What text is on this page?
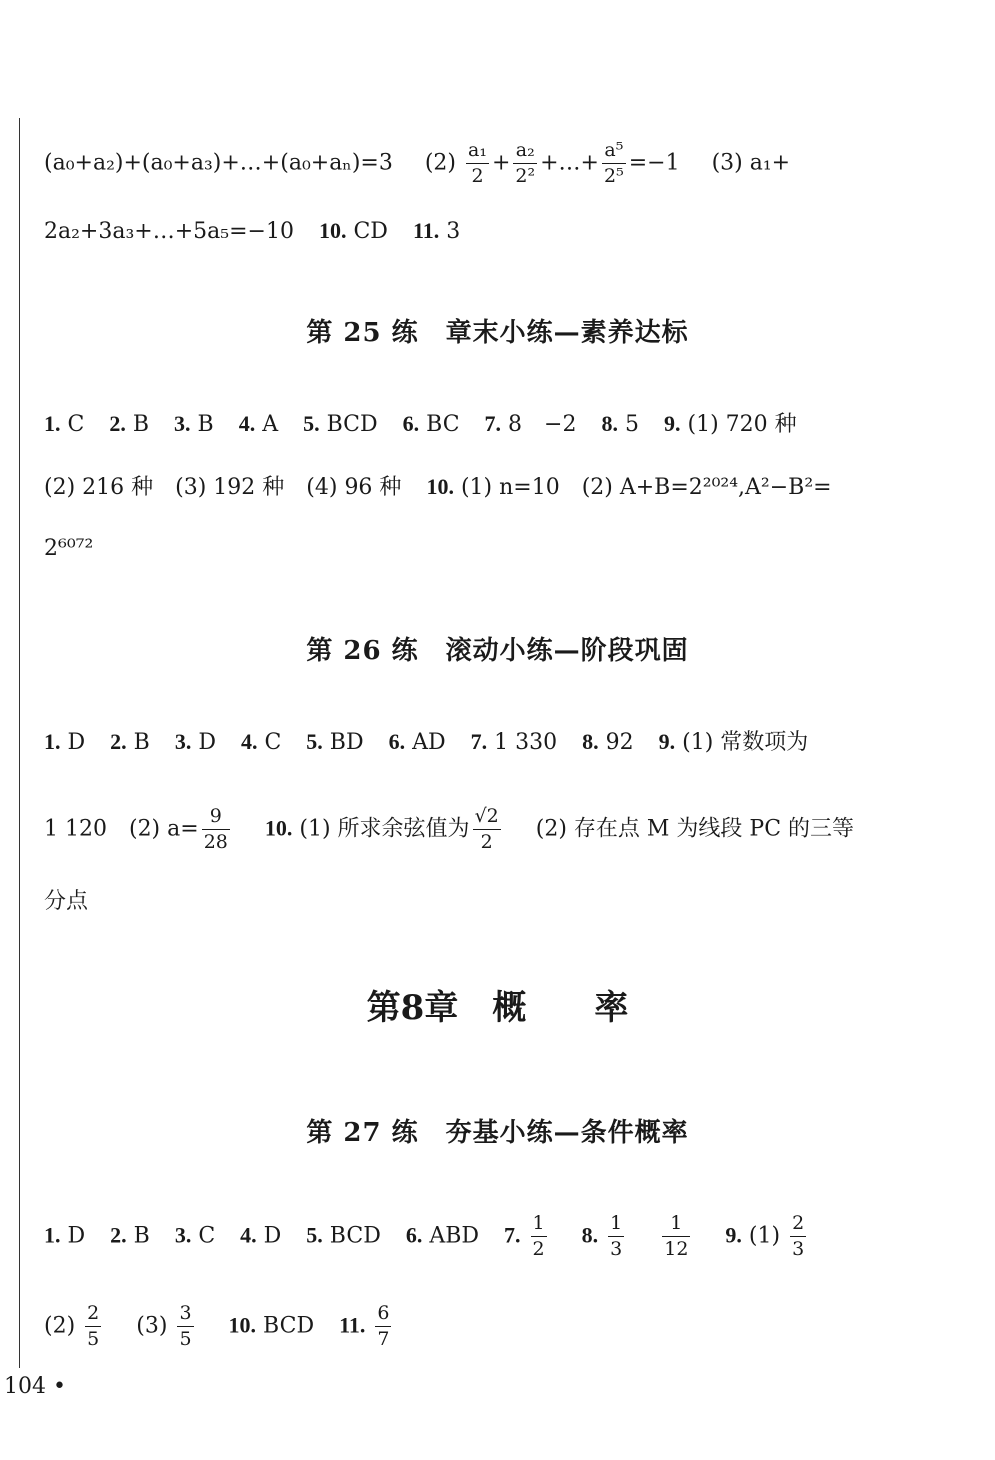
(a₀+a₂)+(a₀+a₃)+…+(a₀+aₙ)=3 $(2) \frac{\text{a₁}}{2} + \frac{\text{a₂}}{\text{2²}}$ +…+ $\frac{\text{a⁵}}{\text{2⁵}} =-1$ (3) a₁+
2a₂+3a₃+…+5a₅=−10 10. CD 11. 3
第 25 练　章末小练—素养达标
1. C 2. B 3. B 4. A 5. BCD 6. BC 7. 8　−2 8. 5 9. (1) 720 种
(2) 216 种　(3) 192 种　(4) 96 种 10. (1) n=10　(2) A+B=2²⁰²⁴,A²−B²=
2⁶⁰⁷²
第 26 练　滚动小练—阶段巩固
1. D 2. B 3. D 4. C 5. BD 6. AD 7. 1 330 8. 92 9. (1) 常数项为
1 120　(2) $a= \frac{9}{28} 10$. (1) 所求余弦值为 $\frac{√2}{2} (2)$ 存在点 M 为线段 PC 的三等
分点
第8章　概　　率
第 27 练　夯基小练—条件概率
1. D 2. B 3. C 4. D 5. BCD 6. ABD 7. $\frac{1}{2} 8$. $\frac{1}{3}$
$\frac{1}{12} 9$. $(1) \frac{2}{3}$
$(2) \frac{2}{5} (3) \frac{3}{5} 10$. BCD 11. $\frac{6}{7}$
104 •
